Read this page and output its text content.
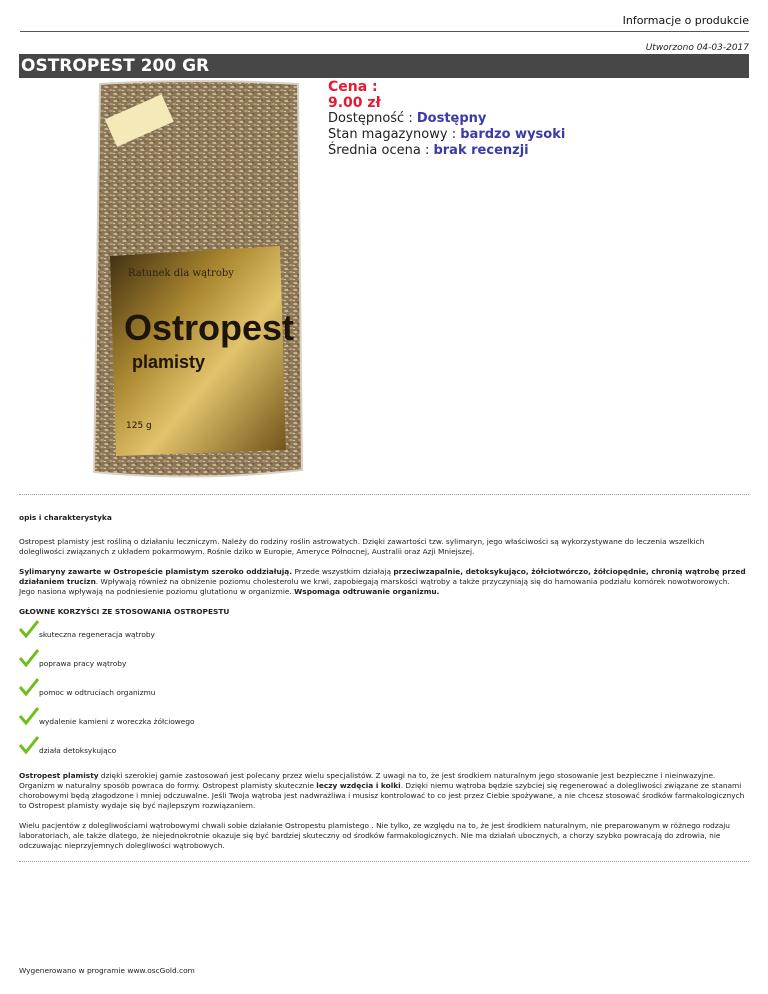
Informacje o produkcie
Utworzono 04-03-2017
OSTROPEST 200 GR
Ratunek dla wątroby
Ostropest
plamisty
125 g
Cena :
9.00 zł
Dostępność : Dostępny
Stan magazynowy : bardzo wysoki
Średnia ocena : brak recenzji

opis i charakterystyka

Ostropest plamisty jest rośliną o działaniu leczniczym. Należy do rodziny roślin astrowatych. Dzięki zawartości tzw. sylimaryn, jego właściwości są wykorzystywane do leczenia wszelkich dolegliwości związanych z układem pokarmowym. Rośnie dziko w Europie, Ameryce Północnej, Australii oraz Azji Mniejszej.

Sylimaryny zawarte w Ostropeście plamistym szeroko oddziałują. Przede wszystkim działają przeciwzapalnie, detoksykująco, żółciotwórczo, żółciopędnie, chronią wątrobę przed działaniem trucizn. Wpływają również na obniżenie poziomu cholesterolu we krwi, zapobiegają marskości wątroby a także przyczyniają się do hamowania podziału komórek nowotworowych. Jego nasiona wpływają na podniesienie poziomu glutationu w organizmie. Wspomaga odtruwanie organizmu.

GŁOWNE KORZYŚCI ZE STOSOWANIA OSTROPESTU

skuteczna regeneracja wątroby
poprawa pracy wątroby
pomoc w odtruciach organizmu
wydalenie kamieni z woreczka żółciowego
działa detoksykująco

Ostropest plamisty dzięki szerokiej gamie zastosowań jest polecany przez wielu specjalistów. Z uwagi na to, że jest środkiem naturalnym jego stosowanie jest bezpieczne i nieinwazyjne. Organizm w naturalny sposób powraca do formy. Ostropest plamisty skutecznie leczy wzdęcia i kolki. Dzięki niemu wątroba będzie szybciej się regenerować a dolegliwości związane ze stanami chorobowymi będą złagodzone i mniej odczuwalne. Jeśli Twoja wątroba jest nadwrażliwa i musisz kontrolować to co jest przez Ciebie spożywane, a nie chcesz stosować środków farmakologicznych to Ostropest plamisty wydaje się być najlepszym rozwiązaniem.

Wielu pacjentów z dolegliwościami wątrobowymi chwali sobie działanie Ostropestu plamistego . Nie tylko, ze względu na to, że jest środkiem naturalnym, nie preparowanym w różnego rodzaju laboratoriach, ale także dlatego, że niejednokrotnie okazuje się być bardziej skuteczny od środków farmakologicznych. Nie ma działań ubocznych, a chorzy szybko powracają do zdrowia, nie odczuwając nieprzyjemnych dolegliwości wątrobowych.

Wygenerowano w programie www.oscGold.com
